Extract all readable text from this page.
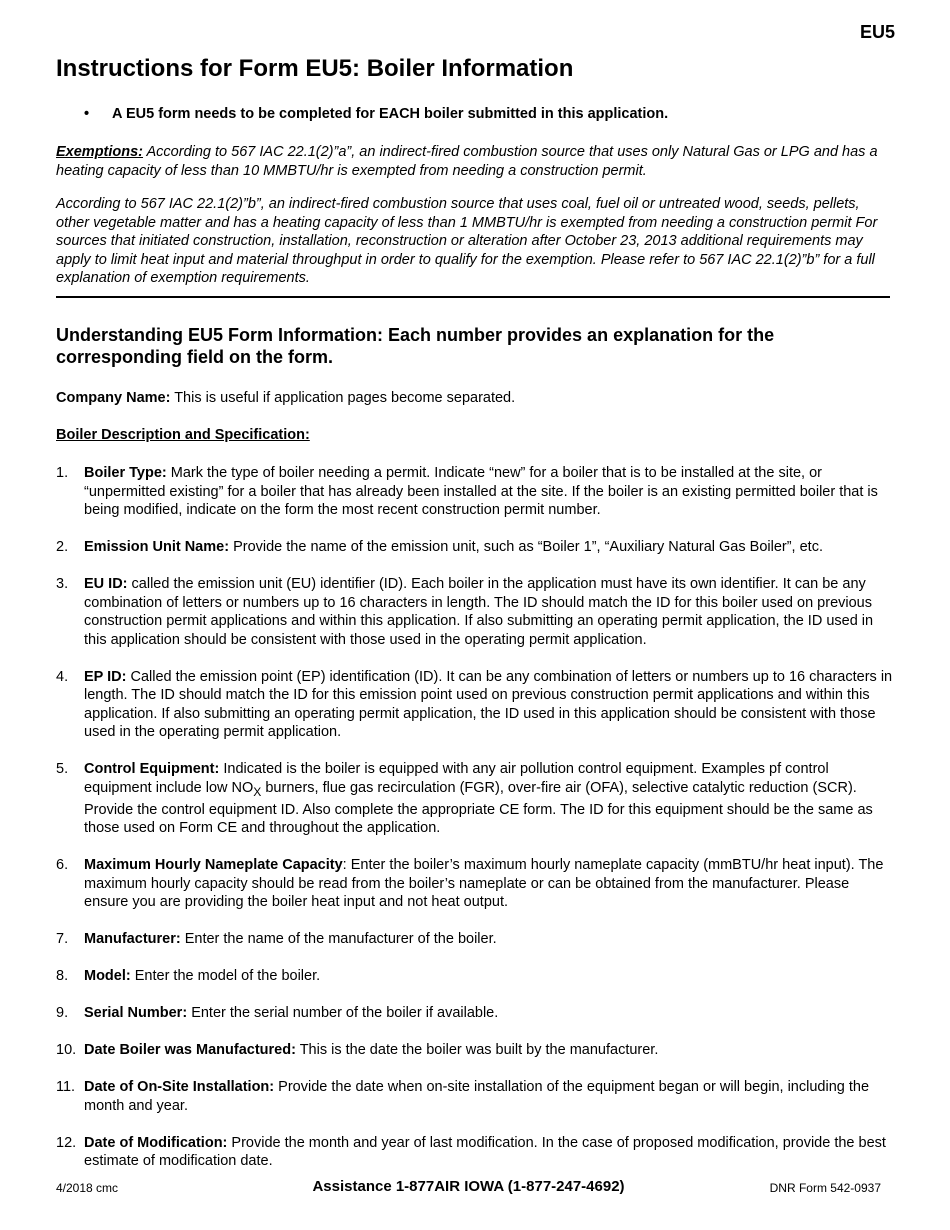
EU5
Instructions for Form EU5: Boiler Information
• A EU5 form needs to be completed for EACH boiler submitted in this application.

Exemptions: According to 567 IAC 22.1(2)”a”, an indirect-fired combustion source that uses only Natural Gas or LPG and has a heating capacity of less than 10 MMBTU/hr is exempted from needing a construction permit.

According to 567 IAC 22.1(2)”b”, an indirect-fired combustion source that uses coal, fuel oil or untreated wood, seeds, pellets, other vegetable matter and has a heating capacity of less than 1 MMBTU/hr is exempted from needing a construction permit For sources that initiated construction, installation, reconstruction or alteration after October 23, 2013 additional requirements may apply to limit heat input and material throughput in order to qualify for the exemption. Please refer to 567 IAC 22.1(2)”b” for a full explanation of exemption requirements.

Understanding EU5 Form Information: Each number provides an explanation for the corresponding field on the form.
Company Name: This is useful if application pages become separated.
Boiler Description and Specification:
1. Boiler Type: Mark the type of boiler needing a permit. Indicate “new” for a boiler that is to be installed at the site, or “unpermitted existing” for a boiler that has already been installed at the site. If the boiler is an existing permitted boiler that is being modified, indicate on the form the most recent construction permit number.
2. Emission Unit Name: Provide the name of the emission unit, such as “Boiler 1”, “Auxiliary Natural Gas Boiler”, etc.
3. EU ID: called the emission unit (EU) identifier (ID). Each boiler in the application must have its own identifier. It can be any combination of letters or numbers up to 16 characters in length. The ID should match the ID for this boiler used on previous construction permit applications and within this application. If also submitting an operating permit application, the ID used in this application should be consistent with those used in the operating permit application.
4. EP ID: Called the emission point (EP) identification (ID). It can be any combination of letters or numbers up to 16 characters in length. The ID should match the ID for this emission point used on previous construction permit applications and within this application. If also submitting an operating permit application, the ID used in this application should be consistent with those used in the operating permit application.
5. Control Equipment: Indicated is the boiler is equipped with any air pollution control equipment. Examples pf control equipment include low $NO_X$ burners, flue gas recirculation (FGR), over-fire air (OFA), selective catalytic reduction (SCR). Provide the control equipment ID. Also complete the appropriate CE form. The ID for this equipment should be the same as those used on Form CE and throughout the application.
6. Maximum Hourly Nameplate Capacity: Enter the boiler’s maximum hourly nameplate capacity (mmBTU/hr heat input). The maximum hourly capacity should be read from the boiler’s nameplate or can be obtained from the manufacturer. Please ensure you are providing the boiler heat input and not heat output.
7. Manufacturer: Enter the name of the manufacturer of the boiler.
8. Model: Enter the model of the boiler.
9. Serial Number: Enter the serial number of the boiler if available.
10. Date Boiler was Manufactured: This is the date the boiler was built by the manufacturer.
11. Date of On-Site Installation: Provide the date when on-site installation of the equipment began or will begin, including the month and year.
12. Date of Modification: Provide the month and year of last modification. In the case of proposed modification, provide the best estimate of modification date.
4/2018 cmc	Assistance 1-877AIR IOWA (1-877-247-4692)	DNR Form 542-0937
